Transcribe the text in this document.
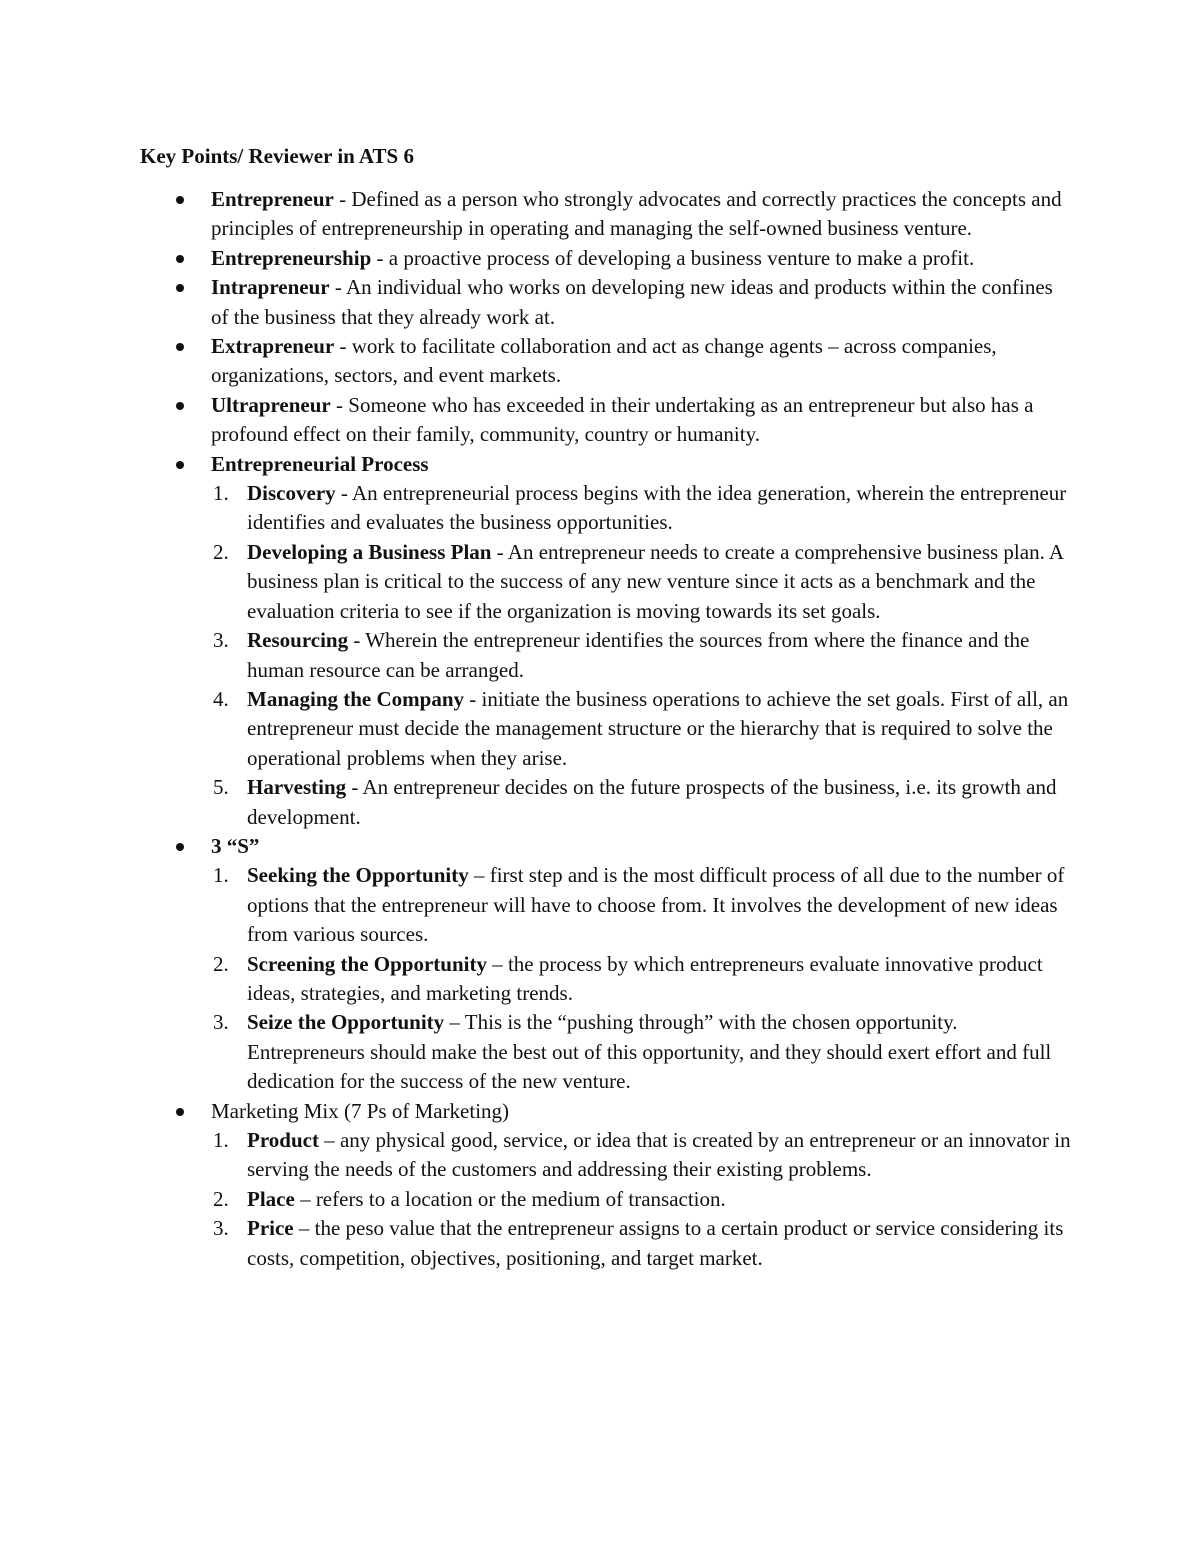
Key Points/ Reviewer in ATS 6
Entrepreneur - Defined as a person who strongly advocates and correctly practices the concepts and principles of entrepreneurship in operating and managing the self-owned business venture.
Entrepreneurship - a proactive process of developing a business venture to make a profit.
Intrapreneur - An individual who works on developing new ideas and products within the confines of the business that they already work at.
Extrapreneur - work to facilitate collaboration and act as change agents – across companies, organizations, sectors, and event markets.
Ultrapreneur - Someone who has exceeded in their undertaking as an entrepreneur but also has a profound effect on their family, community, country or humanity.
Entrepreneurial Process
1. Discovery - An entrepreneurial process begins with the idea generation, wherein the entrepreneur identifies and evaluates the business opportunities.
2. Developing a Business Plan - An entrepreneur needs to create a comprehensive business plan. A business plan is critical to the success of any new venture since it acts as a benchmark and the evaluation criteria to see if the organization is moving towards its set goals.
3. Resourcing - Wherein the entrepreneur identifies the sources from where the finance and the human resource can be arranged.
4. Managing the Company - initiate the business operations to achieve the set goals. First of all, an entrepreneur must decide the management structure or the hierarchy that is required to solve the operational problems when they arise.
5. Harvesting - An entrepreneur decides on the future prospects of the business, i.e. its growth and development.
3 “S”
1. Seeking the Opportunity – first step and is the most difficult process of all due to the number of options that the entrepreneur will have to choose from. It involves the development of new ideas from various sources.
2. Screening the Opportunity – the process by which entrepreneurs evaluate innovative product ideas, strategies, and marketing trends.
3. Seize the Opportunity – This is the “pushing through” with the chosen opportunity. Entrepreneurs should make the best out of this opportunity, and they should exert effort and full dedication for the success of the new venture.
Marketing Mix (7 Ps of Marketing)
1. Product – any physical good, service, or idea that is created by an entrepreneur or an innovator in serving the needs of the customers and addressing their existing problems.
2. Place – refers to a location or the medium of transaction.
3. Price – the peso value that the entrepreneur assigns to a certain product or service considering its costs, competition, objectives, positioning, and target market.
